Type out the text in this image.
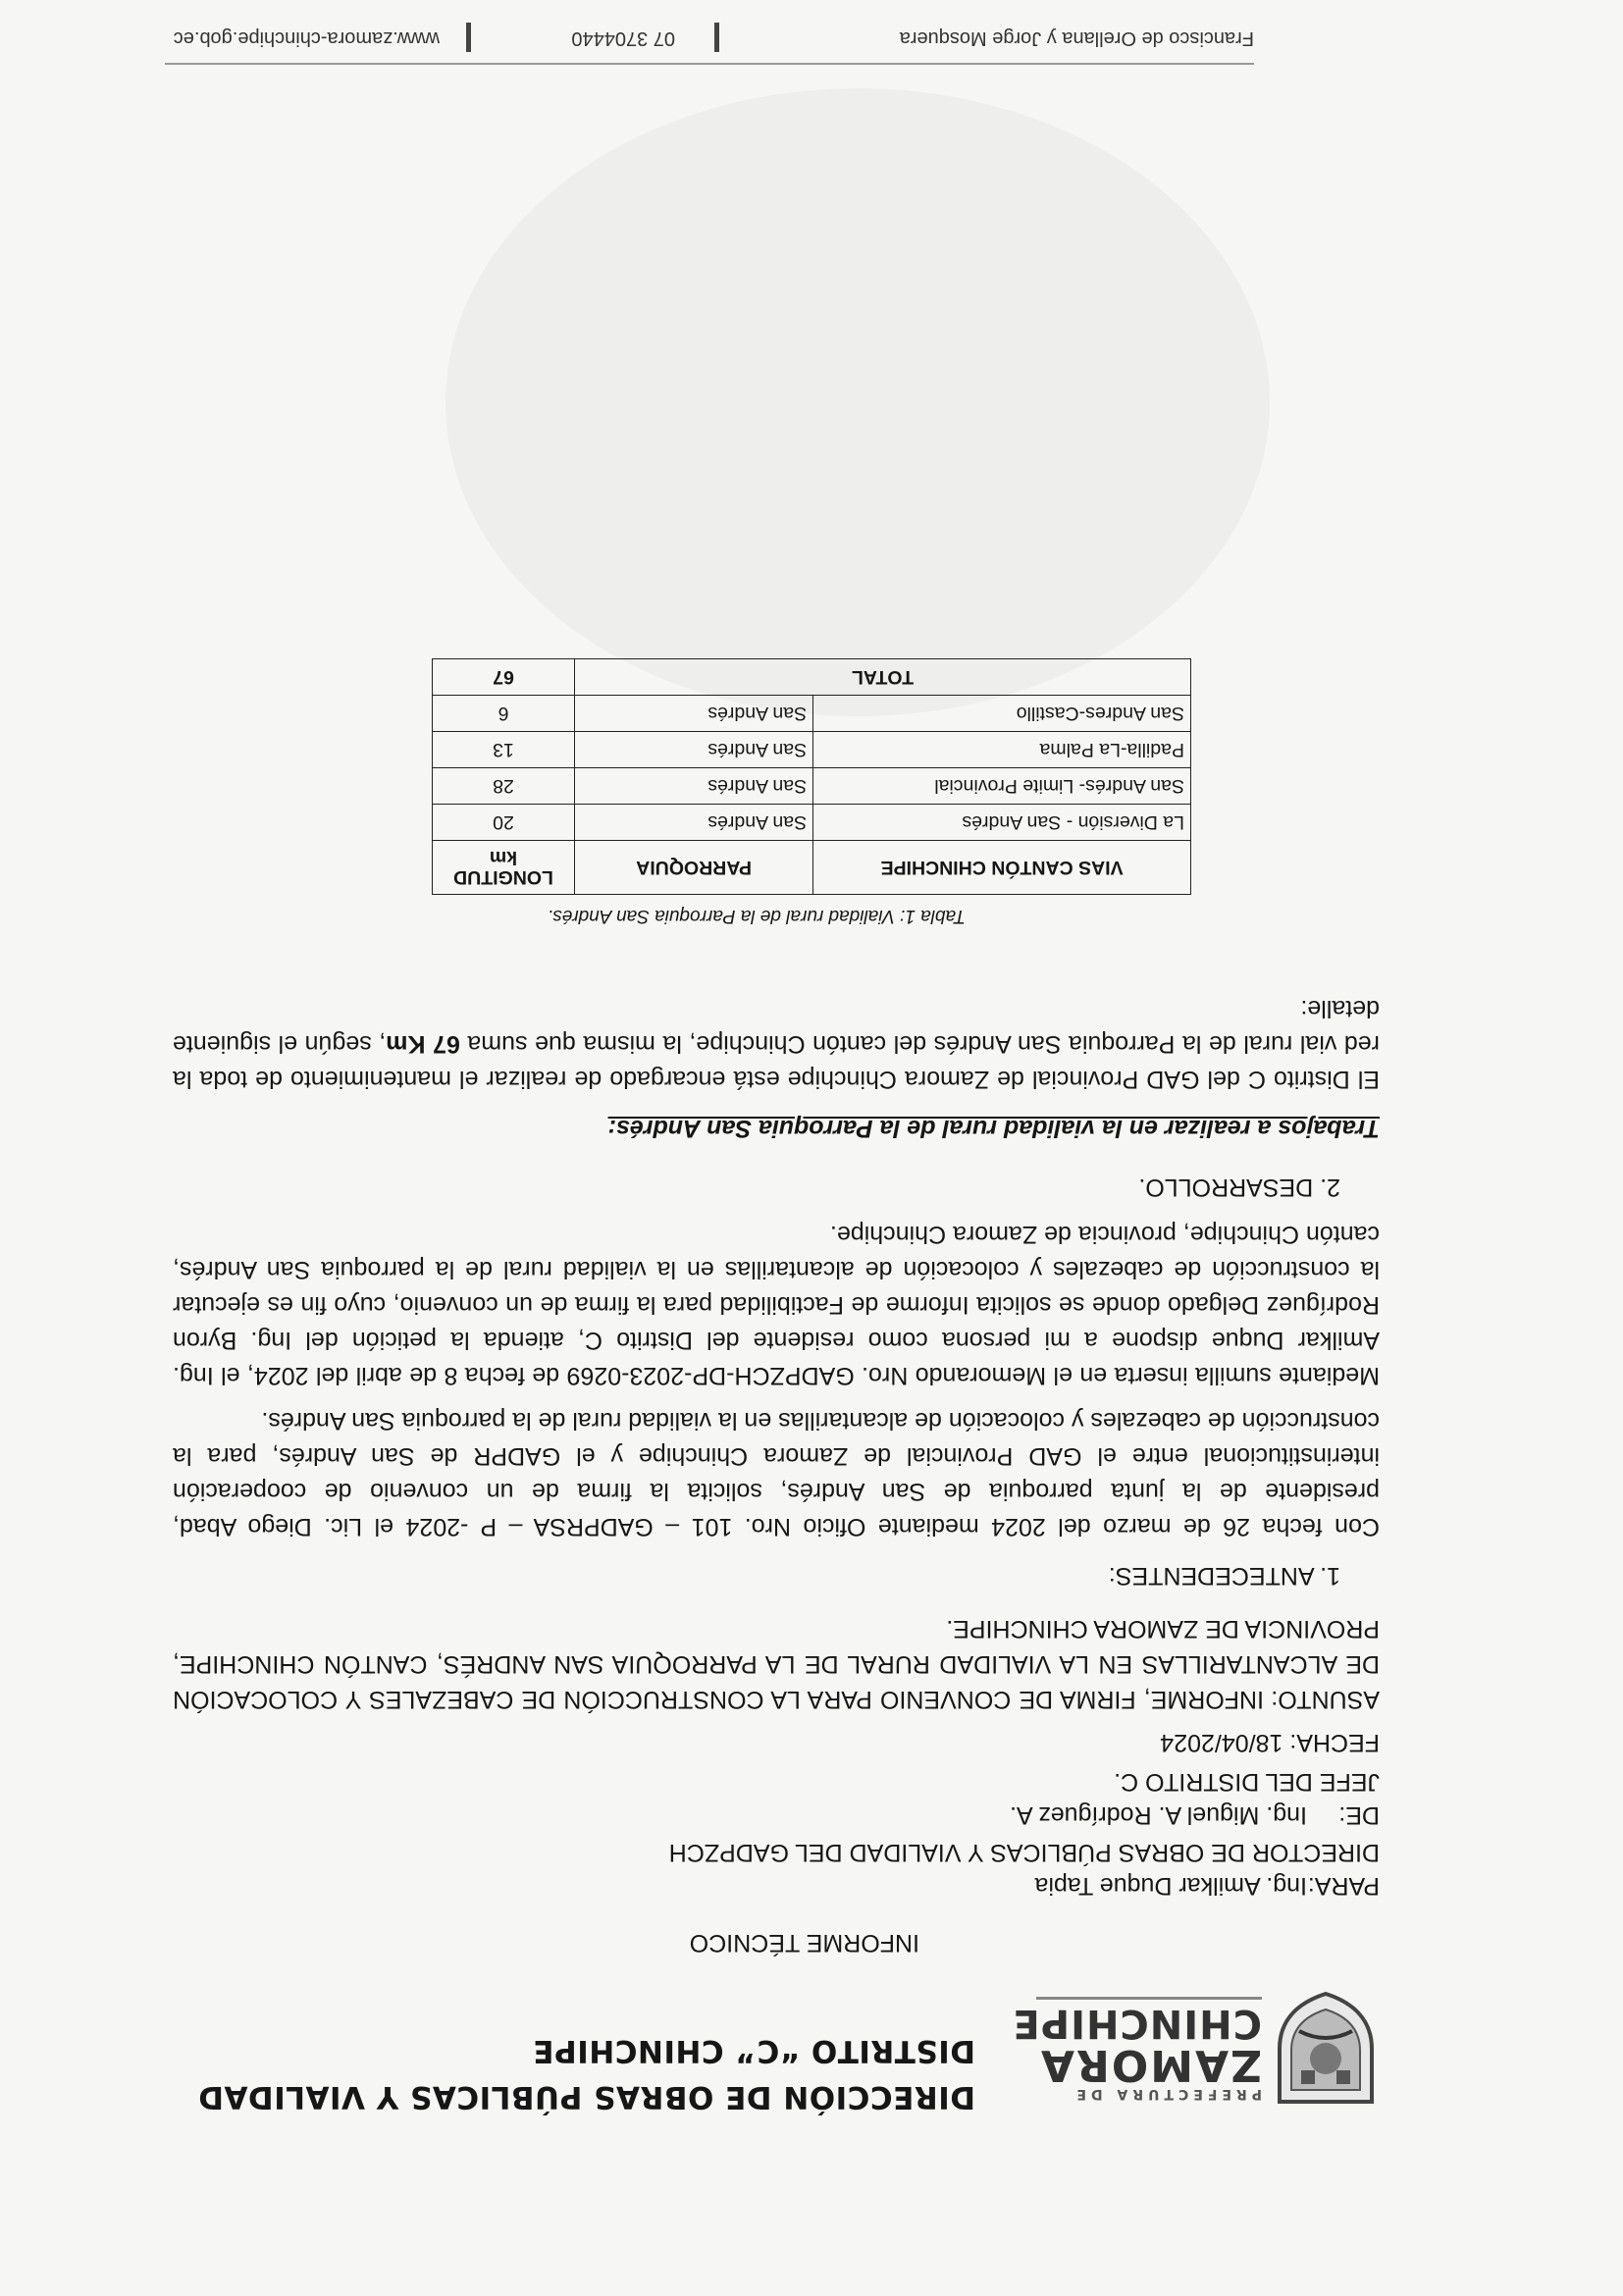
PREFECTURA DE
ZAMORA
CHINCHIPE
DIRECCIÓN DE OBRAS PÚBLICAS Y VIALIDAD
DISTRITO “C” CHINCHIPE
INFORME TÉCNICO
PARA:
Ing. Amilkar Duque Tapia
DIRECTOR DE OBRAS PÚBLICAS Y VIALIDAD DEL GADPZCH
DE:
Ing. Miguel A. Rodríguez A.
JEFE DEL DISTRITO C.
FECHA: 18/04/2024
ASUNTO:
INFORME, FIRMA DE CONVENIO PARA LA CONSTRUCCIÓN DE CABEZALES Y COLOCACIÓN DE ALCANTARILLAS EN LA VIALIDAD RURAL DE LA PARROQUIA SAN ANDRÉS, CANTÓN CHINCHIPE, PROVINCIA DE ZAMORA CHINCHIPE.
1. ANTECEDENTES:
Con fecha 26 de marzo del 2024 mediante Oficio Nro. 101 – GADPRSA – P -2024 el Lic. Diego Abad, presidente de la junta parroquia de San Andrés, solicita la firma de un convenio de cooperación interinstitucional entre el GAD Provincial de Zamora Chinchipe y el GADPR de San Andrés, para la construcción de cabezales y colocación de alcantarillas en la vialidad rural de la parroquia San Andrés.
Mediante sumilla inserta en el Memorando Nro. GADPZCH-DP-2023-0269 de fecha 8 de abril del 2024, el Ing. Amilkar Duque dispone a mi persona como residente del Distrito C, atienda la petición del Ing. Byron Rodríguez Delgado donde se solicita Informe de Factibilidad para la firma de un convenio, cuyo fin es ejecutar la construcción de cabezales y colocación de alcantarillas en la vialidad rural de la parroquia San Andrés, cantón Chinchipe, provincia de Zamora Chinchipe.
2. DESARROLLO.
Trabajos a realizar en la vialidad rural de la Parroquia San Andrés:
El Distrito C del GAD Provincial de Zamora Chinchipe está encargado de realizar el mantenimiento de toda la red vial rural de la Parroquia San Andrés del cantón Chinchipe, la misma que suma 67 Km, según el siguiente detalle:
Tabla 1: Vialidad rural de la Parroquia San Andrés.
VIAS CANTÓN CHINCHIPE	PARROQUIA	LONGITUD km
La Diversión - San Andrés	San Andrés	20
San Andrés- Limite Provincial	San Andrés	28
Padilla-La Palma	San Andrés	13
San Andres-Castillo	San Andrés	6
TOTAL		67
Francisco de Orellana y Jorge Mosquera
07 3704440
www.zamora-chinchipe.gob.ec
